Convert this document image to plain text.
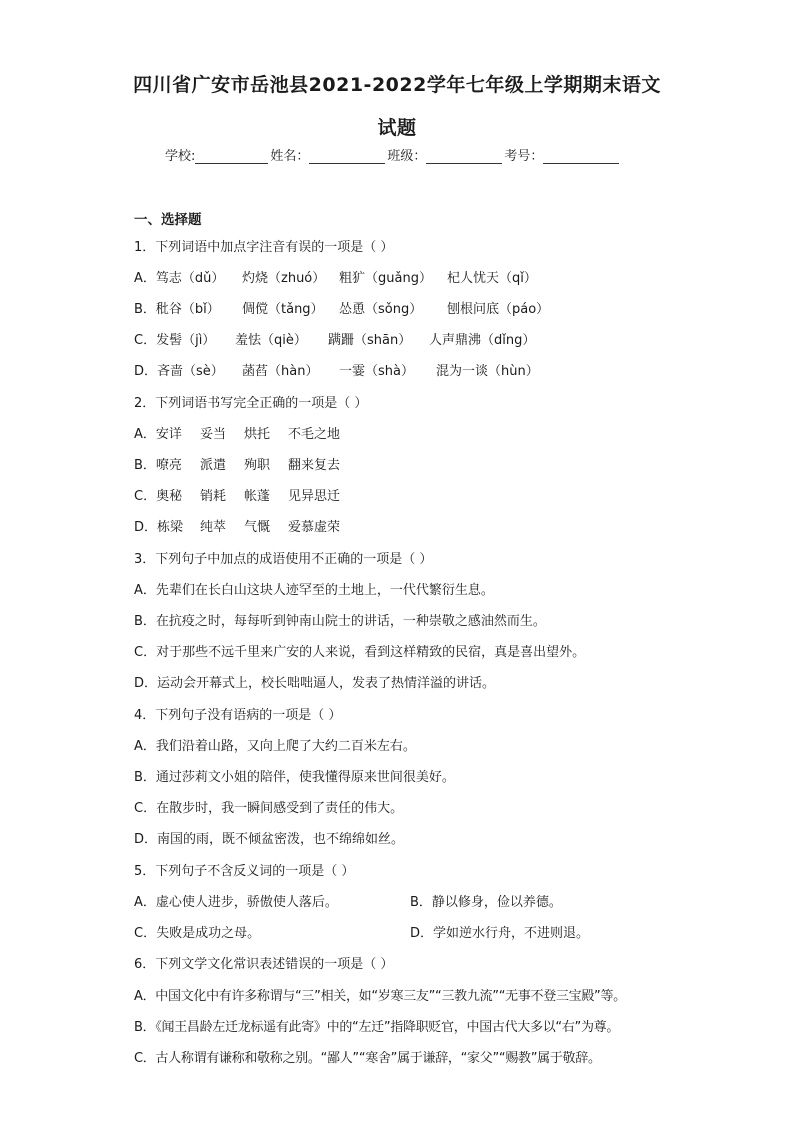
四川省广安市岳池县2021-2022学年七年级上学期期末语文
试题
学校:	姓名：	班级：	考号：
一、选择题
1．下列词语中加点字注音有误的一项是（ ）
A．笃志（dǔ） 灼烧（zhuó） 粗犷（guǎng） 杞人忧天（qǐ）
B．秕谷（bǐ） 倜傥（tǎng） 怂恿（sǒng） 刨根问底（páo）
C．发髻（jì） 羞怯（qiè） 蹒跚（shān） 人声鼎沸（dǐng）
D．吝啬（sè） 菡萏（hàn） 一霎（shà） 混为一谈（hùn）
2．下列词语书写完全正确的一项是（ ）
A．安详 妥当 烘托 不毛之地
B．嘹亮 派遣 殉职 翻来复去
C．奥秘 销耗 帐蓬 见异思迁
D．栋梁 纯萃 气慨 爱慕虚荣
3．下列句子中加点的成语使用不正确的一项是（ ）
A．先辈们在长白山这块人迹罕至的土地上，一代代繁衍生息。
B．在抗疫之时，每每听到钟南山院士的讲话，一种崇敬之感油然而生。
C．对于那些不远千里来广安的人来说，看到这样精致的民宿，真是喜出望外。
D．运动会开幕式上，校长咄咄逼人，发表了热情洋溢的讲话。
4．下列句子没有语病的一项是（ ）
A．我们沿着山路，又向上爬了大约二百米左右。
B．通过莎莉文小姐的陪伴，使我懂得原来世间很美好。
C．在散步时，我一瞬间感受到了责任的伟大。
D．南国的雨，既不倾盆密泼，也不绵绵如丝。
5．下列句子不含反义词的一项是（ ）
A．虚心使人进步，骄傲使人落后。	B．静以修身，俭以养德。
C．失败是成功之母。	D．学如逆水行舟，不进则退。
6．下列文学文化常识表述错误的一项是（ ）
A．中国文化中有许多称谓与“三”相关，如“岁寒三友”“三教九流”“无事不登三宝殿”等。
B．《闻王昌龄左迁龙标遥有此寄》中的“左迁”指降职贬官，中国古代大多以“右”为尊。
C．古人称谓有谦称和敬称之别。“鄙人”“寒舍”属于谦辞，“家父”“赐教”属于敬辞。
